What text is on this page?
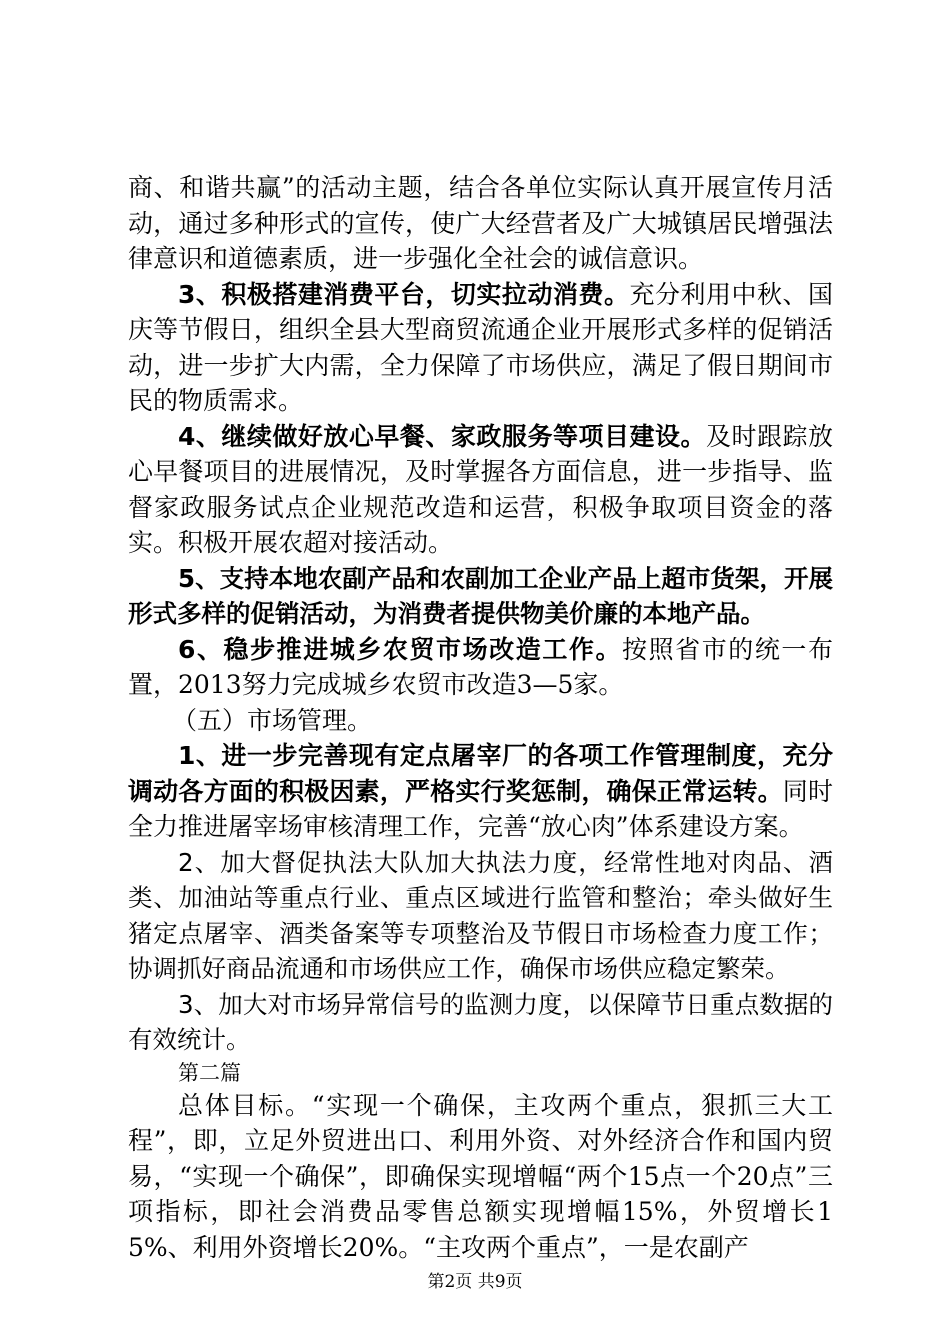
商、和谐共赢”的活动主题，结合各单位实际认真开展宣传月活动，通过多种形式的宣传，使广大经营者及广大城镇居民增强法律意识和道德素质，进一步强化全社会的诚信意识。

3、积极搭建消费平台，切实拉动消费。充分利用中秋、国庆等节假日，组织全县大型商贸流通企业开展形式多样的促销活动，进一步扩大内需，全力保障了市场供应，满足了假日期间市民的物质需求。

4、继续做好放心早餐、家政服务等项目建设。及时跟踪放心早餐项目的进展情况，及时掌握各方面信息，进一步指导、监督家政服务试点企业规范改造和运营，积极争取项目资金的落实。积极开展农超对接活动。

5、支持本地农副产品和农副加工企业产品上超市货架，开展形式多样的促销活动，为消费者提供物美价廉的本地产品。

6、稳步推进城乡农贸市场改造工作。按照省市的统一布置，2013努力完成城乡农贸市改造3—5家。

（五）市场管理。

1、进一步完善现有定点屠宰厂的各项工作管理制度，充分调动各方面的积极因素，严格实行奖惩制，确保正常运转。同时全力推进屠宰场审核清理工作，完善“放心肉”体系建设方案。

2、加大督促执法大队加大执法力度，经常性地对肉品、酒类、加油站等重点行业、重点区域进行监管和整治；牵头做好生猪定点屠宰、酒类备案等专项整治及节假日市场检查力度工作；协调抓好商品流通和市场供应工作，确保市场供应稳定繁荣。

3、加大对市场异常信号的监测力度，以保障节日重点数据的有效统计。

第二篇

总体目标。“实现一个确保，主攻两个重点，狠抓三大工程”，即，立足外贸进出口、利用外资、对外经济合作和国内贸易，“实现一个确保”，即确保实现增幅“两个15点一个20点”三项指标，即社会消费品零售总额实现增幅15%，外贸增长15%、利用外资增长20%。“主攻两个重点”，一是农副产

第2页 共9页
